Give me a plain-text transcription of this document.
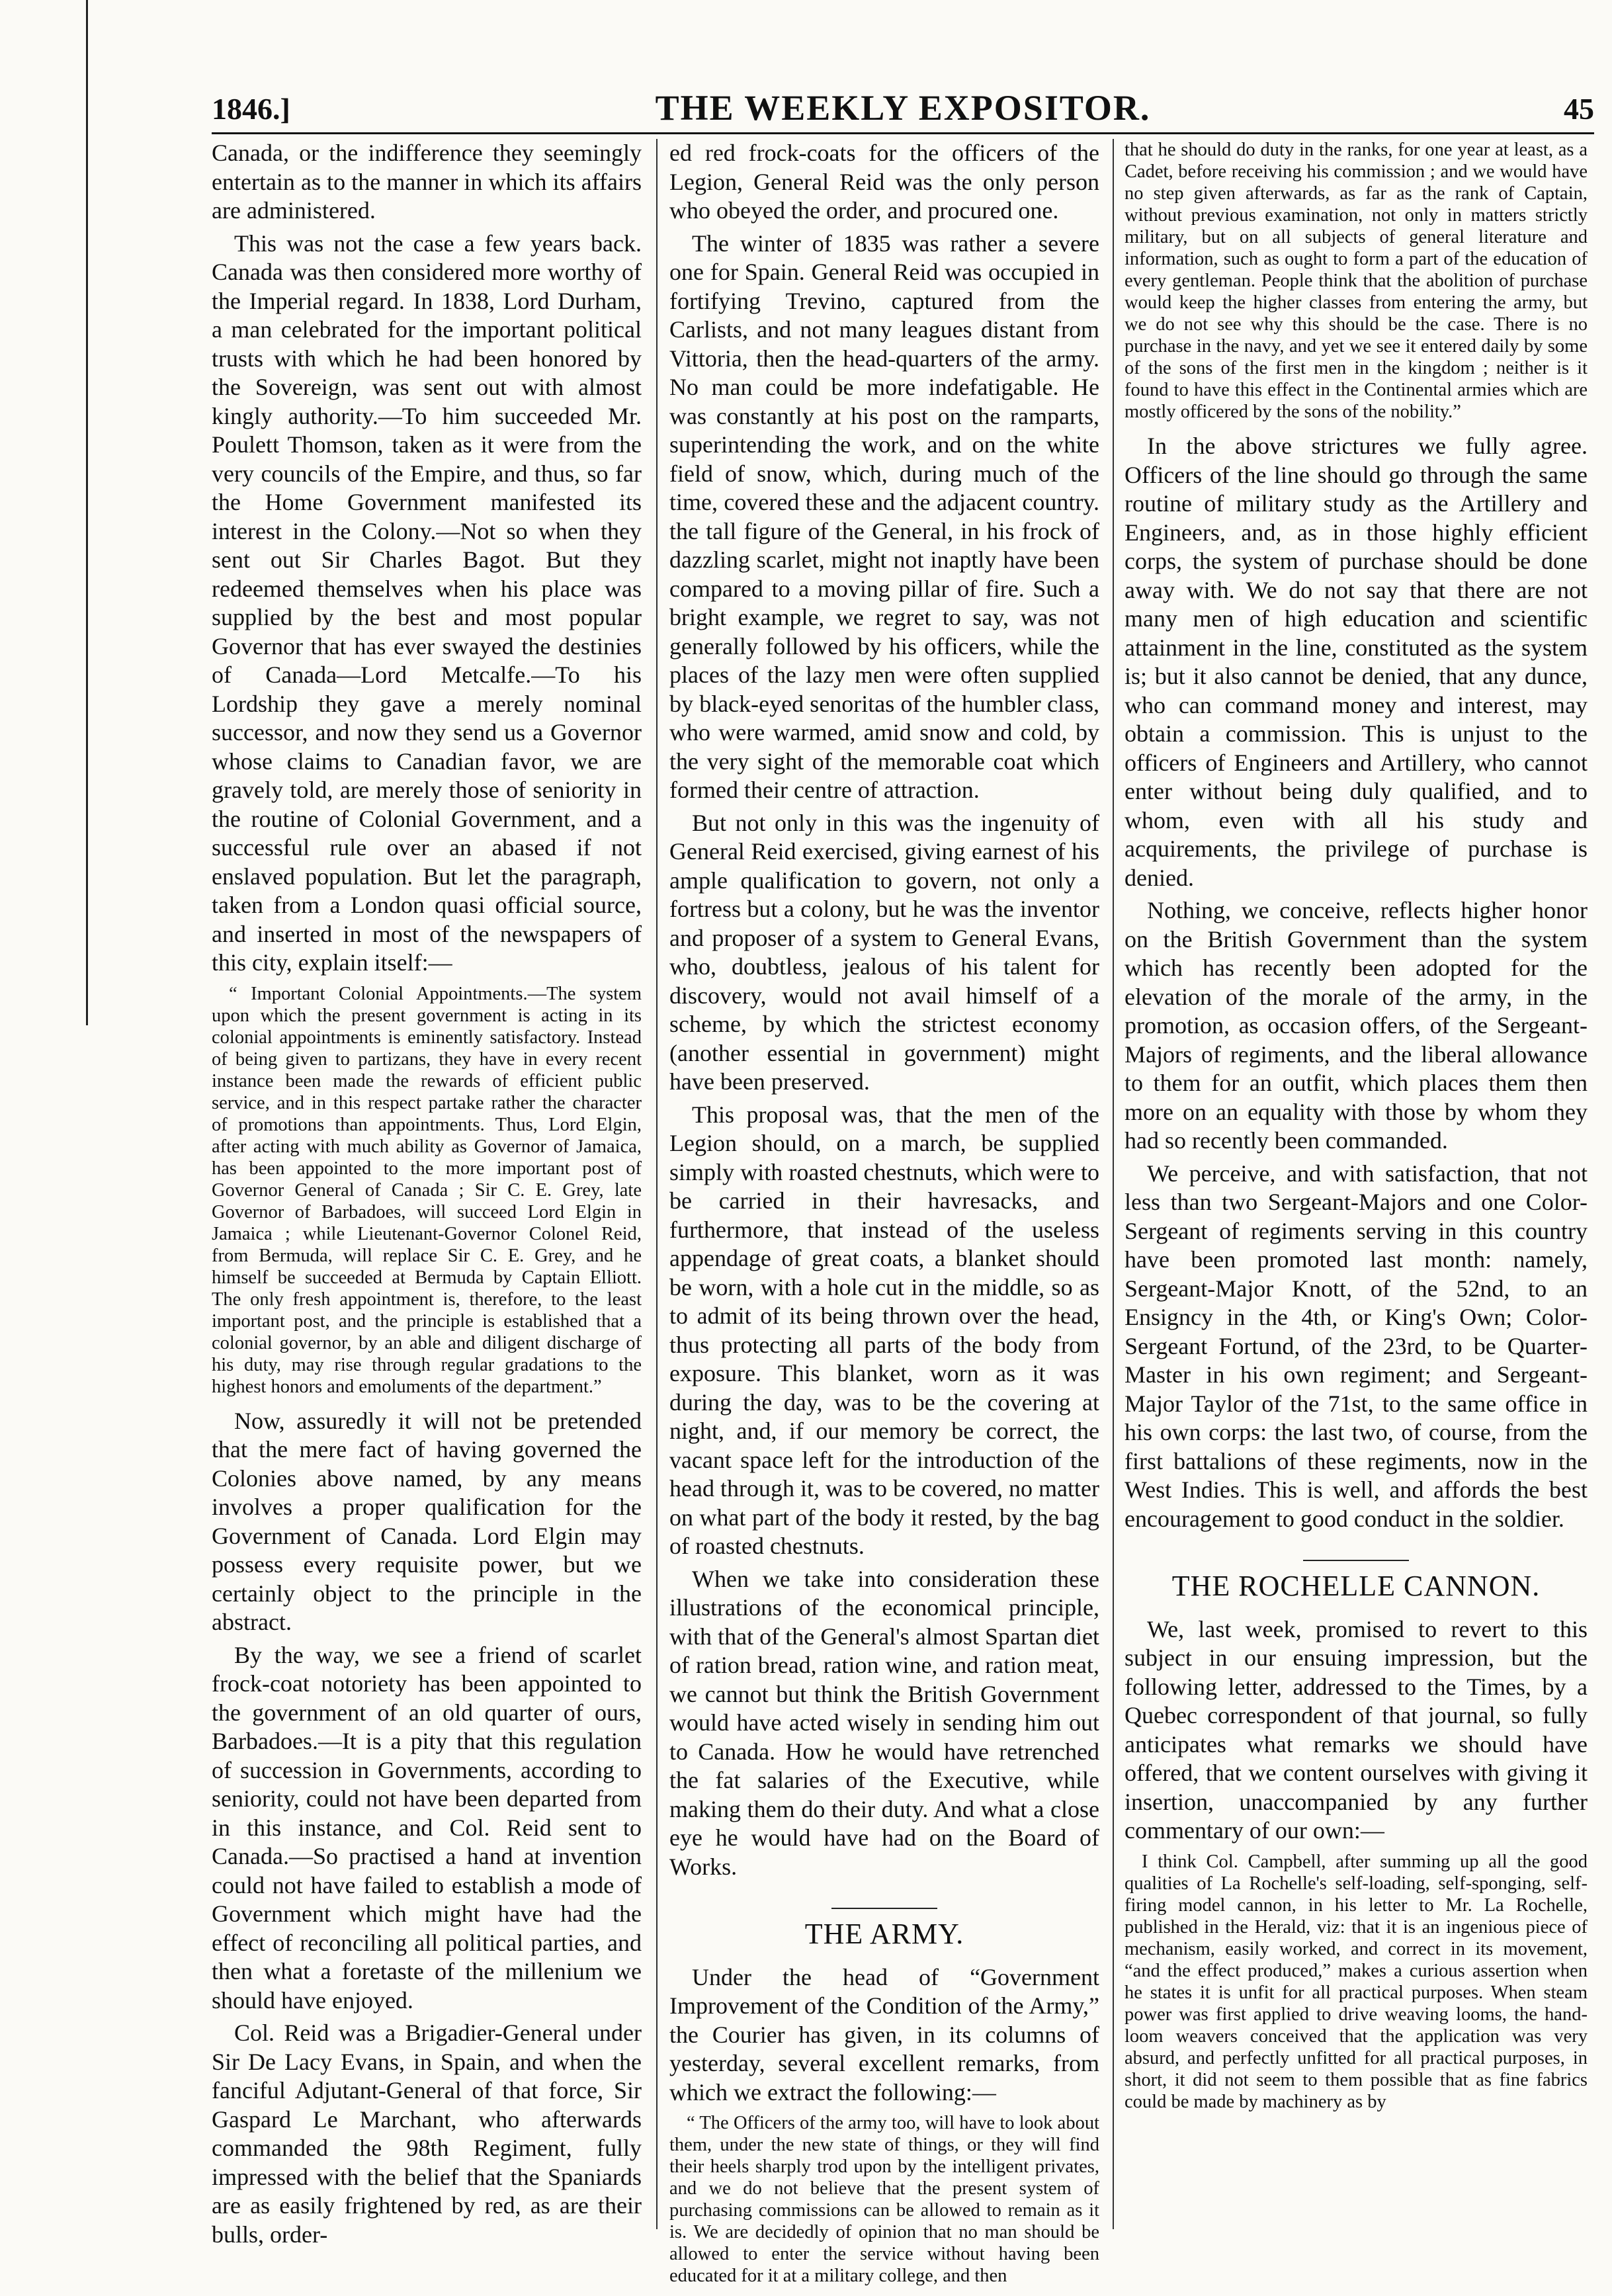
1846.]	THE WEEKLY EXPOSITOR.	45

Canada, or the indifference they seemingly entertain as to the manner in which its affairs are administered.

This was not the case a few years back. Canada was then considered more worthy of the Imperial regard. In 1838, Lord Durham, a man celebrated for the important political trusts with which he had been honored by the Sovereign, was sent out with almost kingly authority.—To him succeeded Mr. Poulett Thomson, taken as it were from the very councils of the Empire, and thus, so far the Home Government manifested its interest in the Colony.—Not so when they sent out Sir Charles Bagot. But they redeemed themselves when his place was supplied by the best and most popular Governor that has ever swayed the destinies of Canada—Lord Metcalfe.—To his Lordship they gave a merely nominal successor, and now they send us a Governor whose claims to Canadian favor, we are gravely told, are merely those of seniority in the routine of Colonial Government, and a successful rule over an abased if not enslaved population. But let the paragraph, taken from a London quasi official source, and inserted in most of the newspapers of this city, explain itself:—

“ Important Colonial Appointments.—The system upon which the present government is acting in its colonial appointments is eminently satisfactory. Instead of being given to partizans, they have in every recent instance been made the rewards of efficient public service, and in this respect partake rather the character of promotions than appointments. Thus, Lord Elgin, after acting with much ability as Governor of Jamaica, has been appointed to the more important post of Governor General of Canada ; Sir C. E. Grey, late Governor of Barbadoes, will succeed Lord Elgin in Jamaica ; while Lieutenant-Governor Colonel Reid, from Bermuda, will replace Sir C. E. Grey, and he himself be succeeded at Bermuda by Captain Elliott. The only fresh appointment is, therefore, to the least important post, and the principle is established that a colonial governor, by an able and diligent discharge of his duty, may rise through regular gradations to the highest honors and emoluments of the department.”

Now, assuredly it will not be pretended that the mere fact of having governed the Colonies above named, by any means involves a proper qualification for the Government of Canada. Lord Elgin may possess every requisite power, but we certainly object to the principle in the abstract.

By the way, we see a friend of scarlet frock-coat notoriety has been appointed to the government of an old quarter of ours, Barbadoes.—It is a pity that this regulation of succession in Governments, according to seniority, could not have been departed from in this instance, and Col. Reid sent to Canada.—So practised a hand at invention could not have failed to establish a mode of Government which might have had the effect of reconciling all political parties, and then what a foretaste of the millenium we should have enjoyed.

Col. Reid was a Brigadier-General under Sir De Lacy Evans, in Spain, and when the fanciful Adjutant-General of that force, Sir Gaspard Le Marchant, who afterwards commanded the 98th Regiment, fully impressed with the belief that the Spaniards are as easily frightened by red, as are their bulls, order-

ed red frock-coats for the officers of the Legion, General Reid was the only person who obeyed the order, and procured one.

The winter of 1835 was rather a severe one for Spain. General Reid was occupied in fortifying Trevino, captured from the Carlists, and not many leagues distant from Vittoria, then the head-quarters of the army. No man could be more indefatigable. He was constantly at his post on the ramparts, superintending the work, and on the white field of snow, which, during much of the time, covered these and the adjacent country. the tall figure of the General, in his frock of dazzling scarlet, might not inaptly have been compared to a moving pillar of fire. Such a bright example, we regret to say, was not generally followed by his officers, while the places of the lazy men were often supplied by black-eyed senoritas of the humbler class, who were warmed, amid snow and cold, by the very sight of the memorable coat which formed their centre of attraction.

But not only in this was the ingenuity of General Reid exercised, giving earnest of his ample qualification to govern, not only a fortress but a colony, but he was the inventor and proposer of a system to General Evans, who, doubtless, jealous of his talent for discovery, would not avail himself of a scheme, by which the strictest economy (another essential in government) might have been preserved.

This proposal was, that the men of the Legion should, on a march, be supplied simply with roasted chestnuts, which were to be carried in their havresacks, and furthermore, that instead of the useless appendage of great coats, a blanket should be worn, with a hole cut in the middle, so as to admit of its being thrown over the head, thus protecting all parts of the body from exposure. This blanket, worn as it was during the day, was to be the covering at night, and, if our memory be correct, the vacant space left for the introduction of the head through it, was to be covered, no matter on what part of the body it rested, by the bag of roasted chestnuts.

When we take into consideration these illustrations of the economical principle, with that of the General's almost Spartan diet of ration bread, ration wine, and ration meat, we cannot but think the British Government would have acted wisely in sending him out to Canada. How he would have retrenched the fat salaries of the Executive, while making them do their duty. And what a close eye he would have had on the Board of Works.

THE ARMY.

Under the head of “Government Improvement of the Condition of the Army,” the Courier has given, in its columns of yesterday, several excellent remarks, from which we extract the following:—

“ The Officers of the army too, will have to look about them, under the new state of things, or they will find their heels sharply trod upon by the intelligent privates, and we do not believe that the present system of purchasing commissions can be allowed to remain as it is. We are decidedly of opinion that no man should be allowed to enter the service without having been educated for it at a military college, and then
that he should do duty in the ranks, for one year at least, as a Cadet, before receiving his commission ; and we would have no step given afterwards, as far as the rank of Captain, without previous examination, not only in matters strictly military, but on all subjects of general literature and information, such as ought to form a part of the education of every gentleman. People think that the abolition of purchase would keep the higher classes from entering the army, but we do not see why this should be the case. There is no purchase in the navy, and yet we see it entered daily by some of the sons of the first men in the kingdom ; neither is it found to have this effect in the Continental armies which are mostly officered by the sons of the nobility.”

In the above strictures we fully agree. Officers of the line should go through the same routine of military study as the Artillery and Engineers, and, as in those highly efficient corps, the system of purchase should be done away with. We do not say that there are not many men of high education and scientific attainment in the line, constituted as the system is; but it also cannot be denied, that any dunce, who can command money and interest, may obtain a commission. This is unjust to the officers of Engineers and Artillery, who cannot enter without being duly qualified, and to whom, even with all his study and acquirements, the privilege of purchase is denied.

Nothing, we conceive, reflects higher honor on the British Government than the system which has recently been adopted for the elevation of the morale of the army, in the promotion, as occasion offers, of the Sergeant-Majors of regiments, and the liberal allowance to them for an outfit, which places them then more on an equality with those by whom they had so recently been commanded.

We perceive, and with satisfaction, that not less than two Sergeant-Majors and one Color-Sergeant of regiments serving in this country have been promoted last month: namely, Sergeant-Major Knott, of the 52nd, to an Ensigncy in the 4th, or King's Own; Color-Sergeant Fortund, of the 23rd, to be Quarter-Master in his own regiment; and Sergeant-Major Taylor of the 71st, to the same office in his own corps: the last two, of course, from the first battalions of these regiments, now in the West Indies. This is well, and affords the best encouragement to good conduct in the soldier.

THE ROCHELLE CANNON.

We, last week, promised to revert to this subject in our ensuing impression, but the following letter, addressed to the Times, by a Quebec correspondent of that journal, so fully anticipates what remarks we should have offered, that we content ourselves with giving it insertion, unaccompanied by any further commentary of our own:—

I think Col. Campbell, after summing up all the good qualities of La Rochelle's self-loading, self-sponging, self-firing model cannon, in his letter to Mr. La Rochelle, published in the Herald, viz: that it is an ingenious piece of mechanism, easily worked, and correct in its movement, “and the effect produced,” makes a curious assertion when he states it is unfit for all practical purposes. When steam power was first applied to drive weaving looms, the hand-loom weavers conceived that the application was very absurd, and perfectly unfitted for all practical purposes, in short, it did not seem to them possible that as fine fabrics could be made by machinery as by
